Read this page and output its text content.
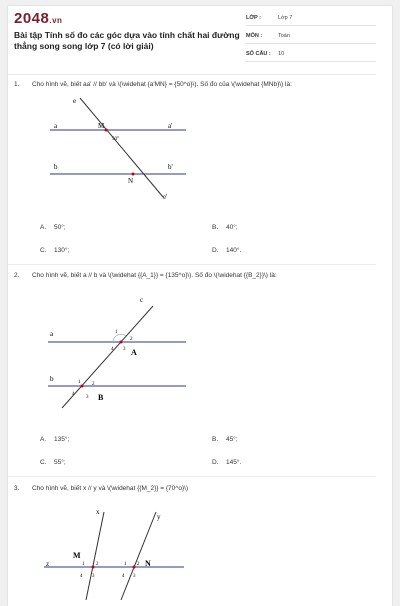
2048.vn
Bài tập Tính số đo các góc dựa vào tính chất hai đường thẳng song song lớp 7 (có lời giải)
LỚP :	Lớp 7
MÔN :	Toán
SỐ CÂU :	10
1. Cho hình vẽ, biết aa' // bb' và \(\widehat {a'MN} = {50^o}\). Số đo của \(\widehat {MNb}\) là:
e
a	a'
b	b'
M
N
e'
50°
A. 50°;	B. 40°;
C. 130°;	D. 140°.
2. Cho hình vẽ, biết a // b và \(\widehat {{A_1}} = {135^o}\). Số đo \(\widehat {{B_2}}\) là:
c
a
b
1
2
3
4 A
1 2
3
4	B
A. 135°;	B. 45°;
C. 55°;	D. 145°.
3. Cho hình vẽ, biết x // y và \(\widehat {{M_2}} = {70^o}\)
x
y
z
M
1 2
4 3
1 2 N
4 3
